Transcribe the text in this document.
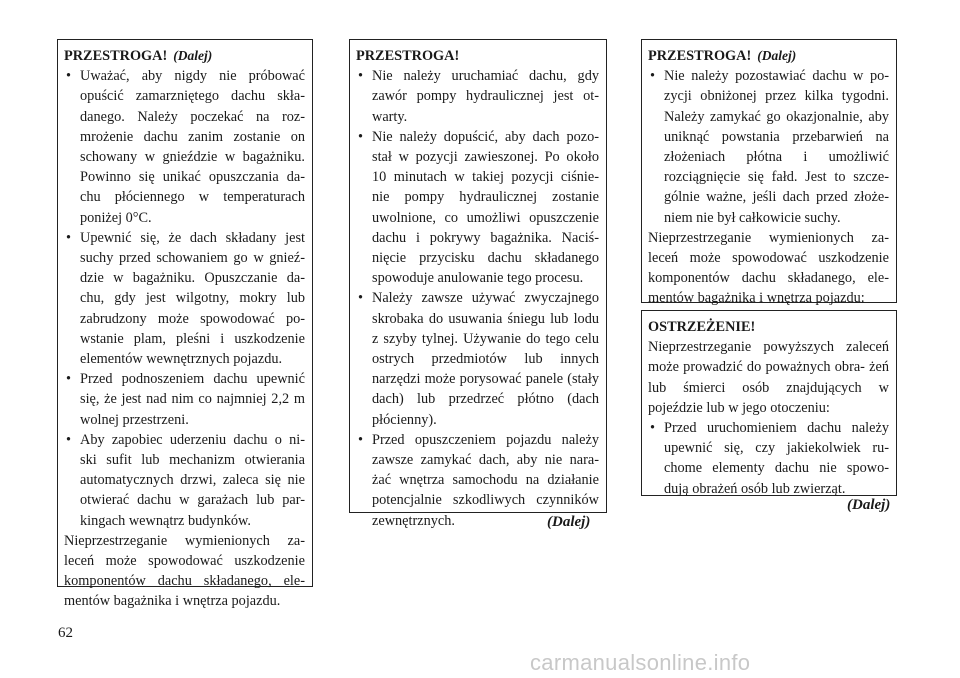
PRZESTROGA! (Dalej)

• Uważać, aby nigdy nie próbować opuścić zamarzniętego dachu skła- danego. Należy poczekać na roz- mrożenie dachu zanim zostanie on schowany w gnieździe w bagażniku. Powinno się unikać opuszczania da- chu płóciennego w temperaturach poniżej 0°C.
• Upewnić się, że dach składany jest suchy przed schowaniem go w gnieź- dzie w bagażniku. Opuszczanie da- chu, gdy jest wilgotny, mokry lub zabrudzony może spowodować po- wstanie plam, pleśni i uszkodzenie elementów wewnętrznych pojazdu.
• Przed podnoszeniem dachu upewnić się, że jest nad nim co najmniej 2,2 m wolnej przestrzeni.
• Aby zapobiec uderzeniu dachu o ni- ski sufit lub mechanizm otwierania automatycznych drzwi, zaleca się nie otwierać dachu w garażach lub par- kingach wewnątrz budynków.

Nieprzestrzeganie wymienionych za- leceń może spowodować uszkodzenie komponentów dachu składanego, ele- mentów bagażnika i wnętrza pojazdu.

PRZESTROGA!

• Nie należy uruchamiać dachu, gdy zawór pompy hydraulicznej jest ot- warty.
• Nie należy dopuścić, aby dach pozo- stał w pozycji zawieszonej. Po około 10 minutach w takiej pozycji ciśnie- nie pompy hydraulicznej zostanie uwolnione, co umożliwi opuszczenie dachu i pokrywy bagażnika. Naciś- nięcie przycisku dachu składanego spowoduje anulowanie tego procesu.
• Należy zawsze używać zwyczajnego skrobaka do usuwania śniegu lub lodu z szyby tylnej. Używanie do tego celu ostrych przedmiotów lub innych narzędzi może porysować panele (stały dach) lub przedrzeć płótno (dach płócienny).
• Przed opuszczeniem pojazdu należy zawsze zamykać dach, aby nie nara- żać wnętrza samochodu na działanie potencjalnie szkodliwych czynników zewnętrznych.	(Dalej)

PRZESTROGA! (Dalej)

• Nie należy pozostawiać dachu w po- zycji obniżonej przez kilka tygodni. Należy zamykać go okazjonalnie, aby uniknąć powstania przebarwień na złożeniach płótna i umożliwić rozciągnięcie się fałd. Jest to szcze- gólnie ważne, jeśli dach przed złoże- niem nie był całkowicie suchy.

Nieprzestrzeganie wymienionych za- leceń może spowodować uszkodzenie komponentów dachu składanego, ele- mentów bagażnika i wnętrza pojazdu:

OSTRZEŻENIE!

Nieprzestrzeganie powyższych zaleceń może prowadzić do poważnych obra- żeń lub śmierci osób znajdujących w pojeździe lub w jego otoczeniu:

• Przed uruchomieniem dachu należy upewnić się, czy jakiekolwiek ru- chome elementy dachu nie spowo- dują obrażeń osób lub zwierząt.
(Dalej)
62
carmanualsonline.info
